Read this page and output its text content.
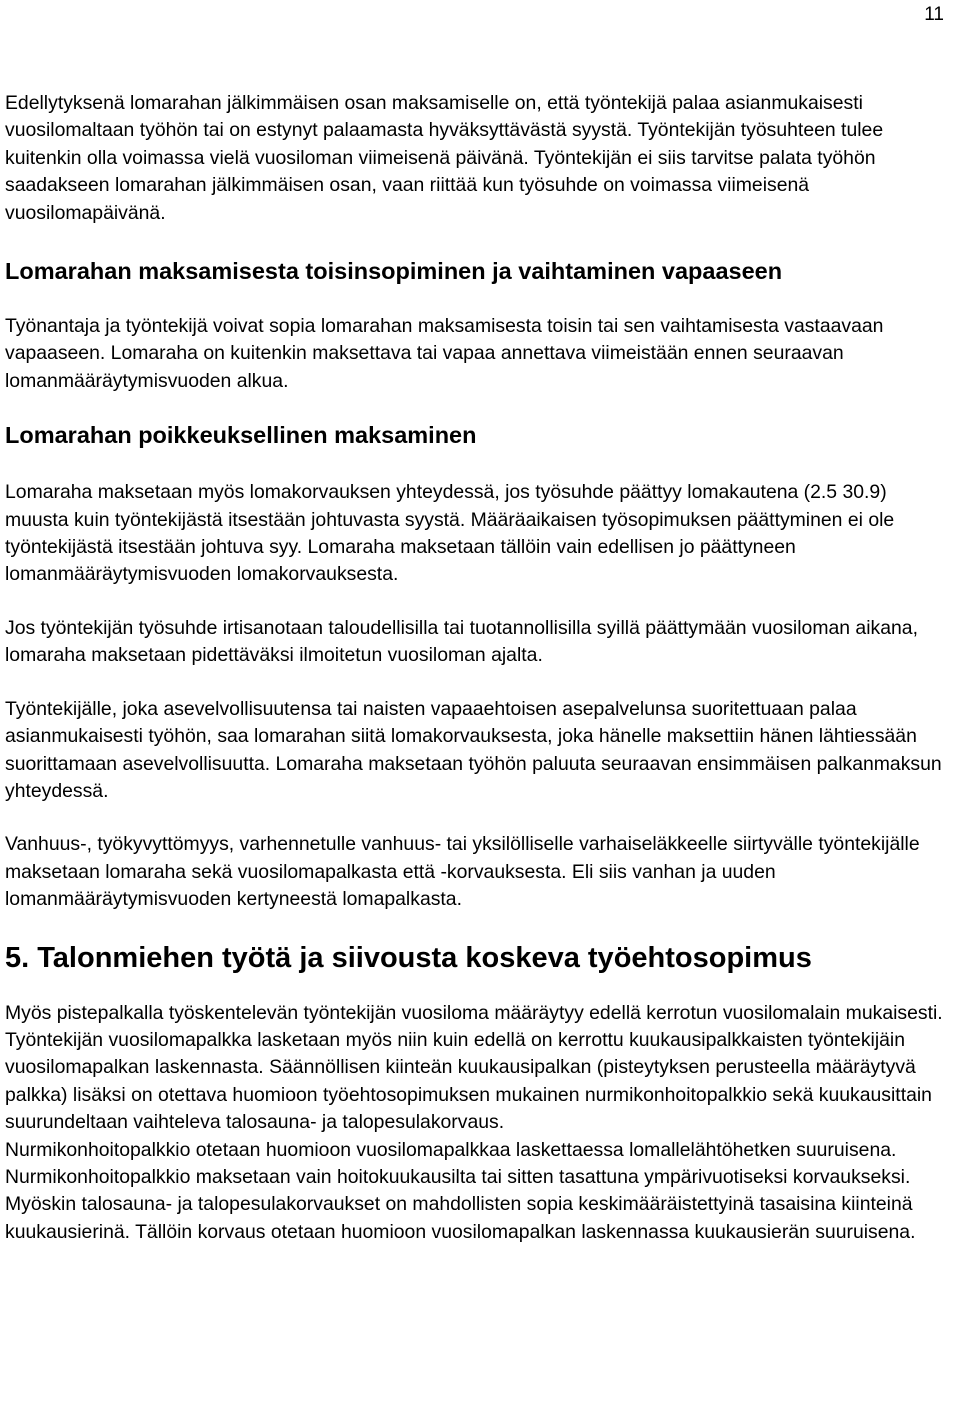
11

Edellytyksenä lomarahan jälkimmäisen osan maksamiselle on, että työntekijä palaa asianmukaisesti vuosilomaltaan työhön tai on estynyt palaamasta hyväksyttävästä syystä. Työntekijän työsuhteen tulee kuitenkin olla voimassa vielä vuosiloman viimeisenä päivänä. Työntekijän ei siis tarvitse palata työhön saadakseen lomarahan jälkimmäisen osan, vaan riittää kun työsuhde on voimassa viimeisenä vuosilomapäivänä.

Lomarahan maksamisesta toisinsopiminen ja vaihtaminen vapaaseen

Työnantaja ja työntekijä voivat sopia lomarahan maksamisesta toisin tai sen vaihtamisesta vastaavaan vapaaseen. Lomaraha on kuitenkin maksettava tai vapaa annettava viimeistään ennen seuraavan lomanmääräytymisvuoden alkua.

Lomarahan poikkeuksellinen maksaminen

Lomaraha maksetaan myös lomakorvauksen yhteydessä, jos työsuhde päättyy lomakautena (2.5 30.9) muusta kuin työntekijästä itsestään johtuvasta syystä. Määräaikaisen työsopimuksen päättyminen ei ole työntekijästä itsestään johtuva syy. Lomaraha maksetaan tällöin vain edellisen jo päättyneen lomanmääräytymisvuoden lomakorvauksesta.

Jos työntekijän työsuhde irtisanotaan taloudellisilla tai tuotannollisilla syillä päättymään vuosiloman aikana, lomaraha maksetaan pidettäväksi ilmoitetun vuosiloman ajalta.

Työntekijälle, joka asevelvollisuutensa tai naisten vapaaehtoisen asepalvelunsa suoritettuaan palaa asianmukaisesti työhön, saa lomarahan siitä lomakorvauksesta, joka hänelle maksettiin hänen lähtiessään suorittamaan asevelvollisuutta. Lomaraha maksetaan työhön paluuta seuraavan ensimmäisen palkanmaksun yhteydessä.

Vanhuus-, työkyvyttömyys, varhennetulle vanhuus- tai yksilölliselle varhaiseläkkeelle siirtyvälle työntekijälle maksetaan lomaraha sekä vuosilomapalkasta että -korvauksesta. Eli siis vanhan ja uuden lomanmääräytymisvuoden kertyneestä lomapalkasta.

5. Talonmiehen työtä ja siivousta koskeva työehtosopimus

Myös pistepalkalla työskentelevän työntekijän vuosiloma määräytyy edellä kerrotun vuosilomalain mukaisesti.

Työntekijän vuosilomapalkka lasketaan myös niin kuin edellä on kerrottu kuukausipalkkaisten työntekijäin vuosilomapalkan laskennasta. Säännöllisen kiinteän kuukausipalkan (pisteytyksen perusteella määräytyvä palkka) lisäksi on otettava huomioon työehtosopimuksen mukainen nurmikonhoitopalkkio sekä kuukausittain suurundeltaan vaihteleva talosauna- ja talopesulakorvaus.

Nurmikonhoitopalkkio otetaan huomioon vuosilomapalkkaa laskettaessa lomallelähtöhetken suuruisena. Nurmikonhoitopalkkio maksetaan vain hoitokuukausilta tai sitten tasattuna ympärivuotiseksi korvaukseksi.

Myöskin talosauna- ja talopesulakorvaukset on mahdollisten sopia keskimääräistettyinä tasaisina kiinteinä kuukausierinä. Tällöin korvaus otetaan huomioon vuosilomapalkan laskennassa kuukausierän suuruisena.
